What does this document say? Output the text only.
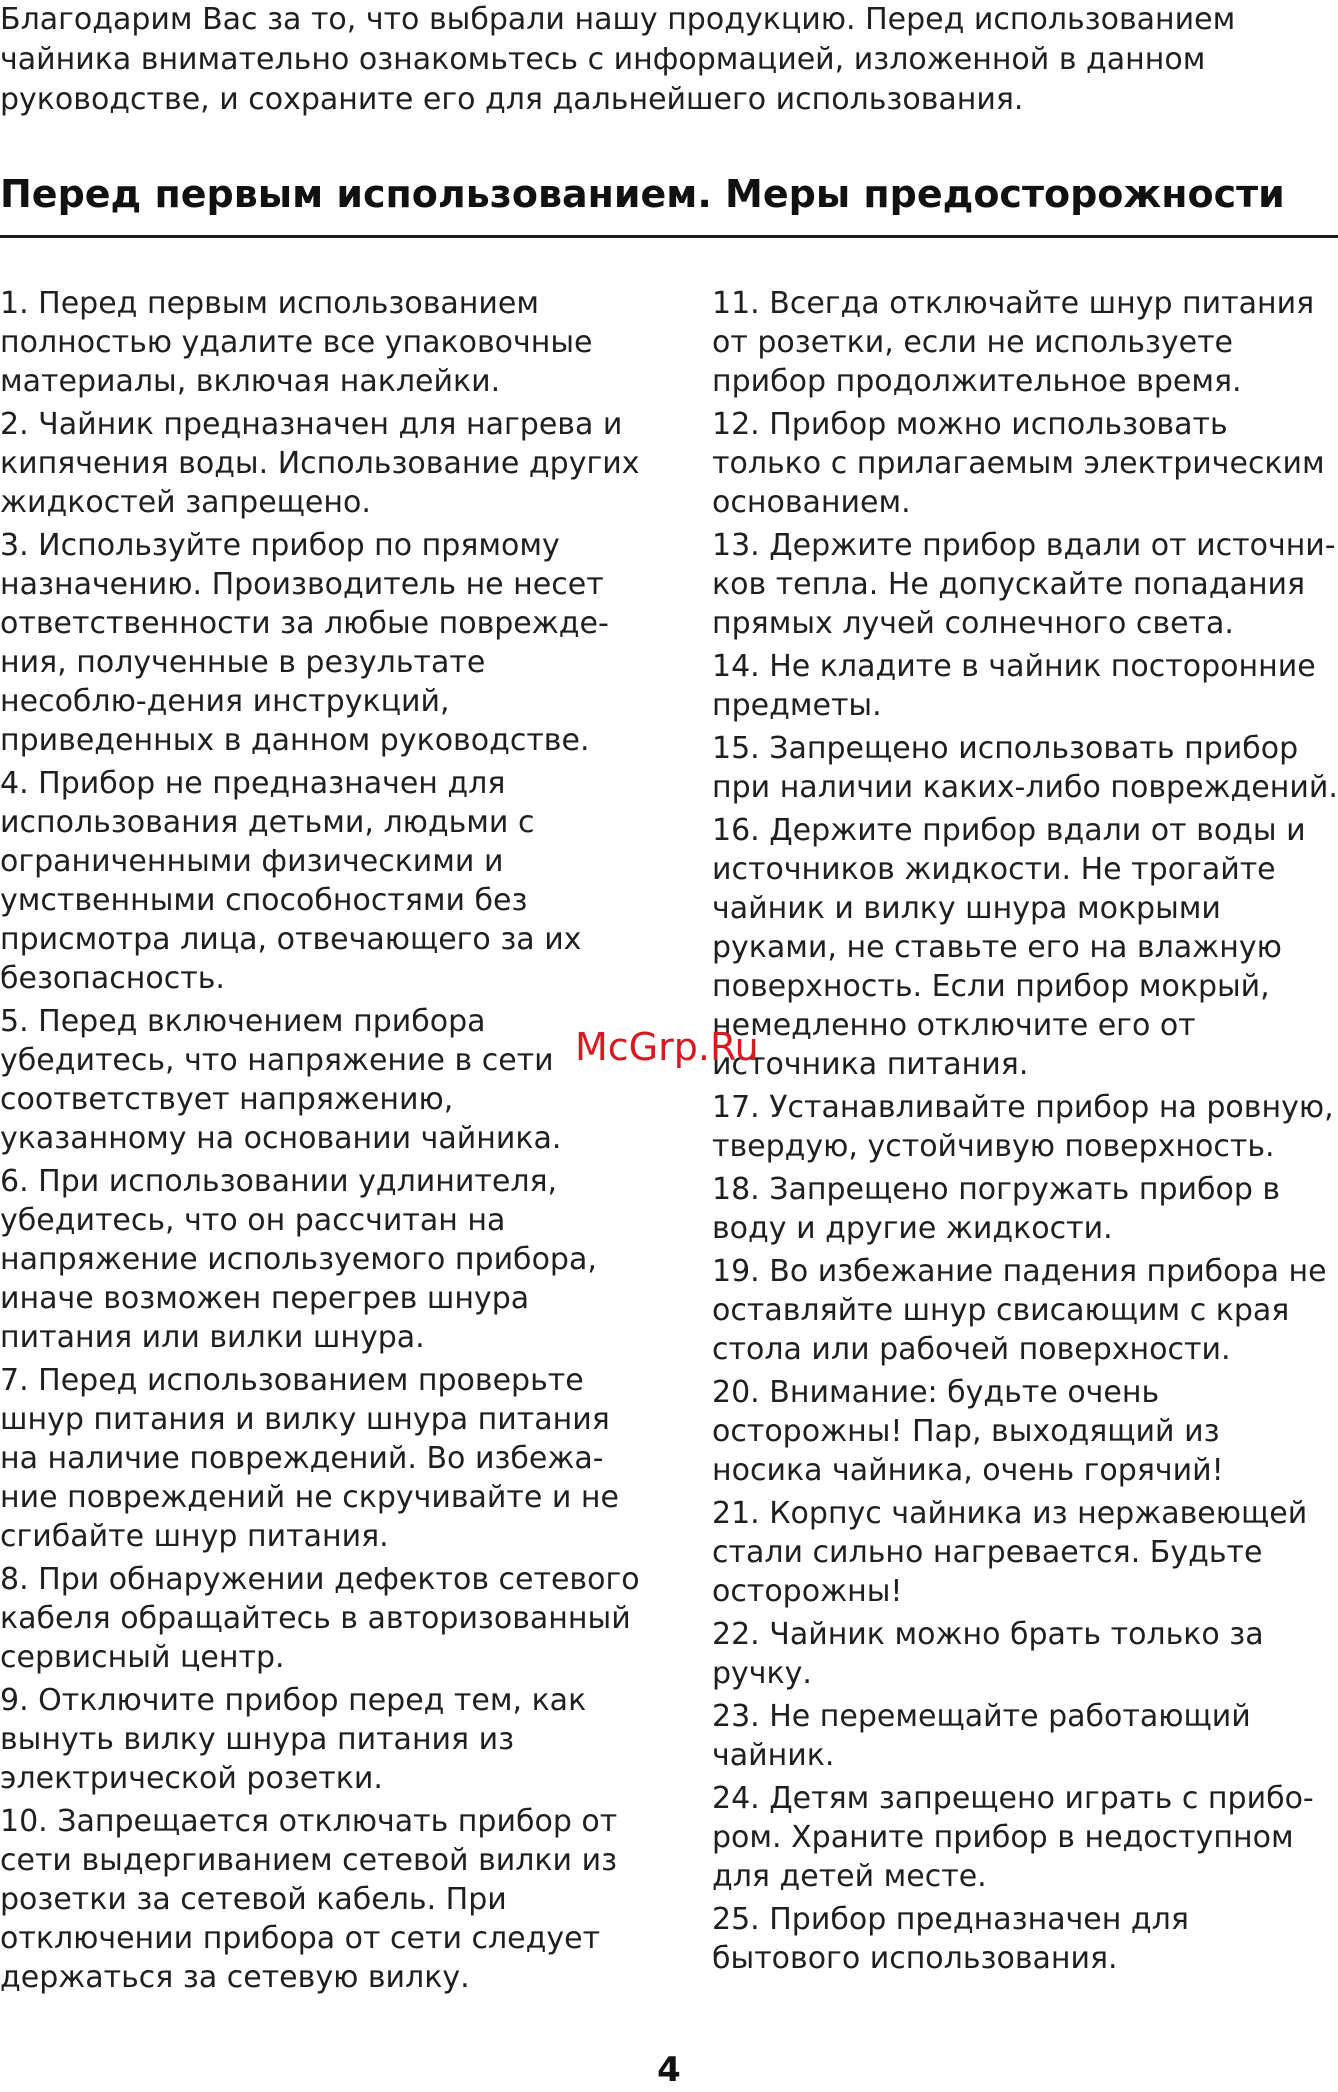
Благодарим Вас за то, что выбрали нашу продукцию. Перед использованием чайника внимательно ознакомьтесь с информацией, изложенной в данном руководстве, и сохраните его для дальнейшего использования.

Перед первым использованием. Меры предосторожности
1. Перед первым использованием полностью удалите все упаковочные материалы, включая наклейки.
2. Чайник предназначен для нагрева и кипячения воды. Использование других жидкостей запрещено.
3. Используйте прибор по прямому назначению. Производитель не несет ответственности за любые поврежде-ния, полученные в результате несоблю-дения инструкций, приведенных в данном руководстве.
4. Прибор не предназначен для использования детьми, людьми с ограниченными физическими и умственными способностями без присмотра лица, отвечающего за их безопасность.
5. Перед включением прибора убедитесь, что напряжение в сети соответствует напряжению, указанному на основании чайника.
6. При использовании удлинителя, убедитесь, что он рассчитан на напряжение используемого прибора, иначе возможен перегрев шнура питания или вилки шнура.
7. Перед использованием проверьте шнур питания и вилку шнура питания на наличие повреждений. Во избежа-ние повреждений не скручивайте и не сгибайте шнур питания.
8. При обнаружении дефектов сетевого кабеля обращайтесь в авторизованный сервисный центр.
9. Отключите прибор перед тем, как вынуть вилку шнура питания из электрической розетки.
10. Запрещается отключать прибор от сети выдергиванием сетевой вилки из розетки за сетевой кабель. При отключении прибора от сети следует держаться за сетевую вилку.
11. Всегда отключайте шнур питания от розетки, если не используете прибор продолжительное время.
12. Прибор можно использовать только с прилагаемым электрическим основанием.
13. Держите прибор вдали от источни-ков тепла. Не допускайте попадания прямых лучей солнечного света.
14. Не кладите в чайник посторонние предметы.
15. Запрещено использовать прибор при наличии каких-либо повреждений.
16. Держите прибор вдали от воды и источников жидкости. Не трогайте чайник и вилку шнура мокрыми руками, не ставьте его на влажную поверхность. Если прибор мокрый, немедленно отключите его от источника питания.
17. Устанавливайте прибор на ровную, твердую, устойчивую поверхность.
18. Запрещено погружать прибор в воду и другие жидкости.
19. Во избежание падения прибора не оставляйте шнур свисающим с края стола или рабочей поверхности.
20. Внимание: будьте очень осторожны! Пар, выходящий из носика чайника, очень горячий!
21. Корпус чайника из нержавеющей стали сильно нагревается. Будьте осторожны!
22. Чайник можно брать только за ручку.
23. Не перемещайте работающий чайник.
24. Детям запрещено играть с прибо-ром. Храните прибор в недоступном для детей месте.
25. Прибор предназначен для бытового использования.
McGrp.Ru
4
